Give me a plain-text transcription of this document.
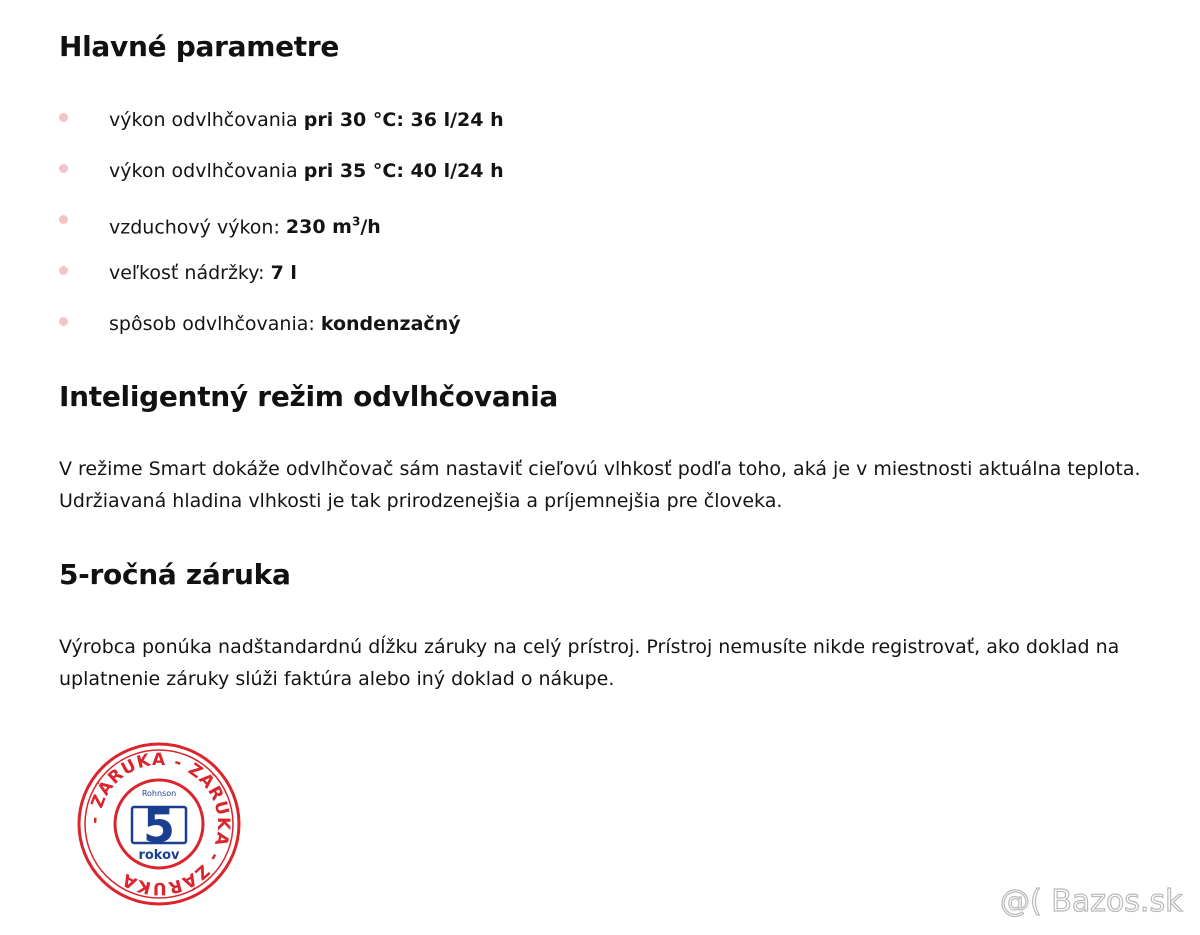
Hlavné parametre
výkon odvlhčovania pri 30 °C: 36 l/24 h
výkon odvlhčovania pri 35 °C: 40 l/24 h
vzduchový výkon: 230 $m^3/h$
veľkosť nádržky: 7 l
spôsob odvlhčovania: kondenzačný
Inteligentný režim odvlhčovania

V režime Smart dokáže odvlhčovač sám nastaviť cieľovú vlhkosť podľa toho, aká je v miestnosti aktuálna teplota. Udržiavaná hladina vlhkosti je tak prirodzenejšia a príjemnejšia pre človeka.

5-ročná záruka

Výrobca ponúka nadštandardnú dĺžku záruky na celý prístroj. Prístroj nemusíte nikde registrovať, ako doklad na uplatnenie záruky slúži faktúra alebo iný doklad o nákupe.

- ZÁRUKA - ZÁRUKA - ZÁRUKA
Rohnson
5
rokov
@( Bazos.sk
